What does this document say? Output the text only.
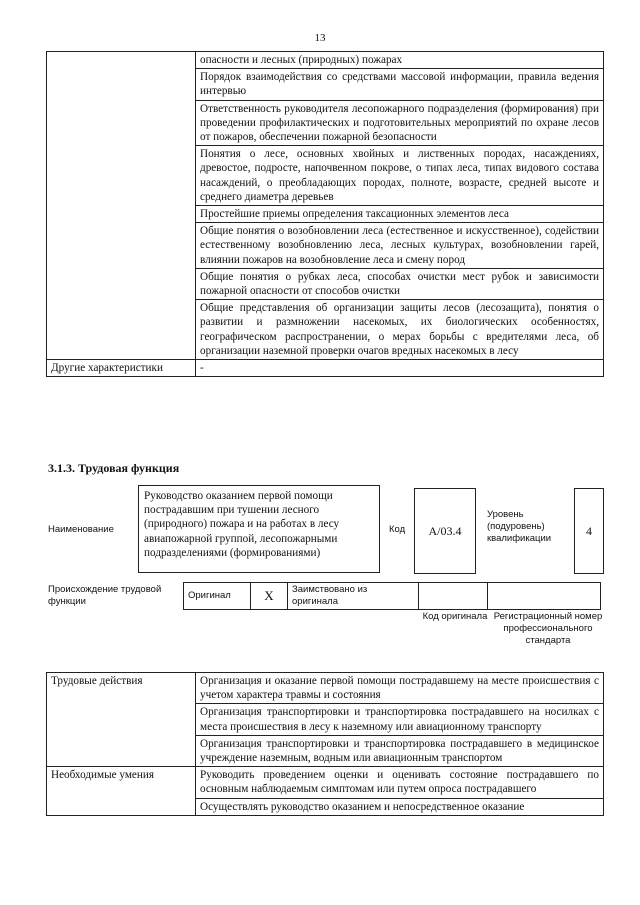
13
	опасности и лесных (природных) пожарах
	Порядок взаимодействия со средствами массовой информации, правила ведения интервью
	Ответственность руководителя лесопожарного подразделения (формирования) при проведении профилактических и подготовительных мероприятий по охране лесов от пожаров, обеспечении пожарной безопасности
	Понятия о лесе, основных хвойных и лиственных породах, насаждениях, древостое, подросте, напочвенном покрове, о типах леса, типах видового состава насаждений, о преобладающих породах, полноте, возрасте, средней высоте и среднего диаметра деревьев
	Простейшие приемы определения таксационных элементов леса
	Общие понятия о возобновлении леса (естественное и искусственное), содействии естественному возобновлению леса, лесных культурах, возобновлении гарей, влиянии пожаров на возобновление леса и смену пород
	Общие понятия о рубках леса, способах очистки мест рубок и зависимости пожарной опасности от способов очистки
	Общие представления об организации защиты лесов (лесозащита), понятия о развитии и размножении насекомых, их биологических особенностях, географическом распространении, о мерах борьбы с вредителями леса, об организации наземной проверки очагов вредных насекомых в лесу
Другие характеристики	-
3.1.3. Трудовая функция
Наименование
Руководство оказанием первой помощи пострадавшим при тушении лесного (природного) пожара и на работах в лесу авиапожарной группой, лесопожарными подразделениями (формированиями)
Код	А/03.4
Уровень (подуровень) квалификации
4
Происхождение трудовой функции
Оригинал	X	Заимствовано из оригинала		
Код оригинала Регистрационный номер профессионального стандарта
Трудовые действия	Организация и оказание первой помощи пострадавшему на месте происшествия с учетом характера травмы и состояния
	Организация транспортировки и транспортировка пострадавшего на носилках с места происшествия в лесу к наземному или авиационному транспорту
	Организация транспортировки и транспортировка пострадавшего в медицинское учреждение наземным, водным или авиационным транспортом
Необходимые умения	Руководить проведением оценки и оценивать состояние пострадавшего по основным наблюдаемым симптомам или путем опроса пострадавшего
	Осуществлять руководство оказанием и непосредственное оказание
